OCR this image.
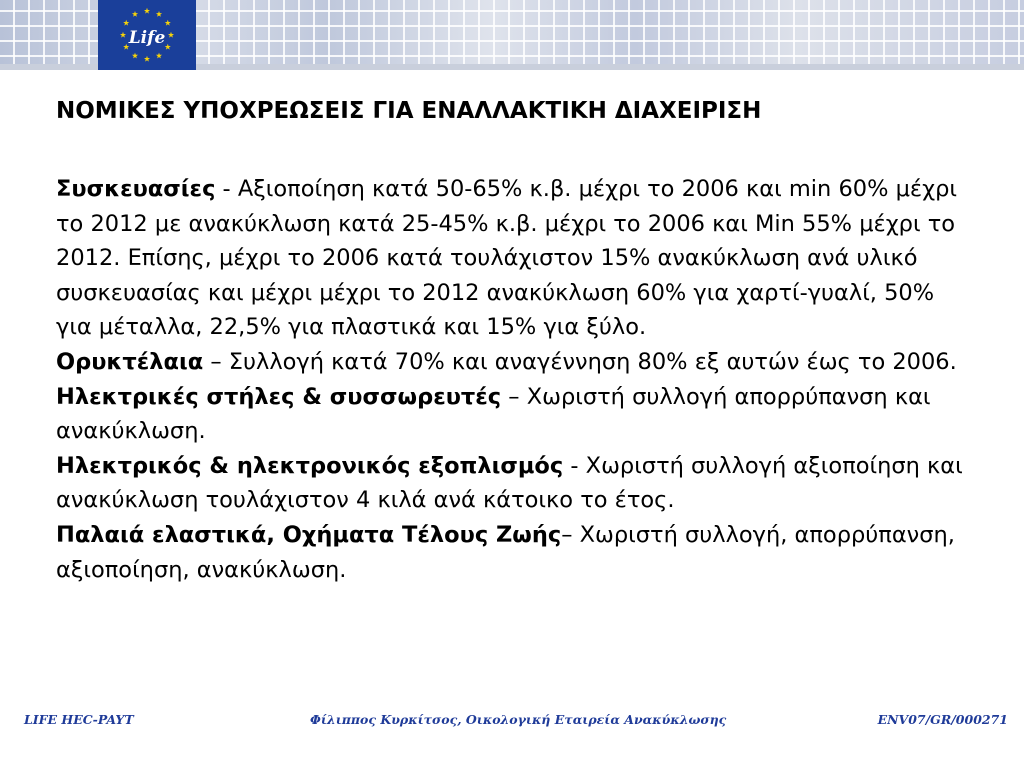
Life
ΝΟΜΙΚΕΣ ΥΠΟΧΡΕΩΣΕΙΣ ΓΙΑ ΕΝΑΛΛΑΚΤΙΚΗ ΔΙΑΧΕΙΡΙΣΗ

Συσκευασίες - Αξιοποίηση κατά 50-65% κ.β. μέχρι το 2006 και min 60% μέχρι το 2012 με ανακύκλωση κατά 25-45% κ.β. μέχρι το 2006 και Min 55% μέχρι το 2012. Επίσης, μέχρι το 2006 κατά τουλάχιστον 15% ανακύκλωση ανά υλικό συσκευασίας και μέχρι μέχρι το 2012 ανακύκλωση 60% για χαρτί-γυαλί, 50% για μέταλλα, 22,5% για πλαστικά και 15% για ξύλο.

Ορυκτέλαια – Συλλογή κατά 70% και αναγέννηση 80% εξ αυτών έως το 2006.

Ηλεκτρικές στήλες & συσσωρευτές – Χωριστή συλλογή απορρύπανση και ανακύκλωση.

Ηλεκτρικός & ηλεκτρονικός εξοπλισμός - Χωριστή συλλογή αξιοποίηση και ανακύκλωση τουλάχιστον 4 κιλά ανά κάτοικο το έτος.

Παλαιά ελαστικά, Οχήματα Τέλους Ζωής– Χωριστή συλλογή, απορρύπανση, αξιοποίηση, ανακύκλωση.

LIFE HEC-PAYT	Φίλιππος Κυρκίτσος, Οικολογική Εταιρεία Ανακύκλωσης	ENV07/GR/000271
